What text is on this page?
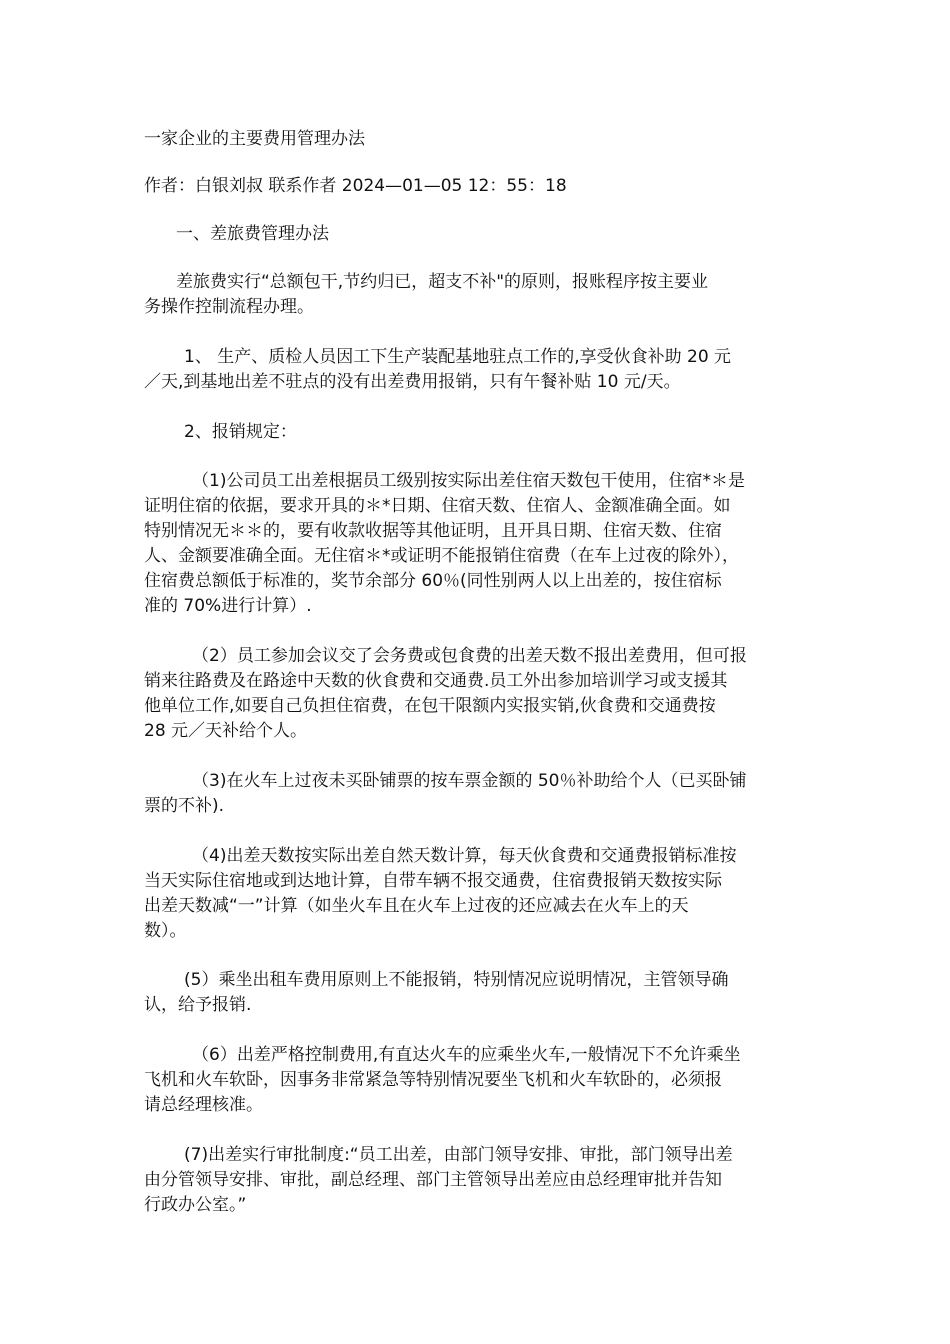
一家企业的主要费用管理办法

作者：白银刘叔 联系作者 2024—01—05 12：55：18

一、差旅费管理办法

差旅费实行“总额包干,节约归已，超支不补"的原则，报账程序按主要业

务操作控制流程办理。

1、 生产、质检人员因工下生产装配基地驻点工作的,享受伙食补助 20 元

／天,到基地出差不驻点的没有出差费用报销，只有午餐补贴 10 元/天。

2、报销规定：

（1)公司员工出差根据员工级别按实际出差住宿天数包干使用，住宿*＊是

证明住宿的依据，要求开具的＊*日期、住宿天数、住宿人、金额准确全面。如

特别情况无＊＊的，要有收款收据等其他证明，且开具日期、住宿天数、住宿

人、金额要准确全面。无住宿＊*或证明不能报销住宿费（在车上过夜的除外），

住宿费总额低于标准的，奖节余部分 60％(同性别两人以上出差的，按住宿标

准的 70%进行计算）.

（2）员工参加会议交了会务费或包食费的出差天数不报出差费用，但可报

销来往路费及在路途中天数的伙食费和交通费.员工外出参加培训学习或支援其

他单位工作,如要自己负担住宿费，在包干限额内实报实销,伙食费和交通费按

28 元／天补给个人。

（3)在火车上过夜未买卧铺票的按车票金额的 50％补助给个人（已买卧铺

票的不补).

（4)出差天数按实际出差自然天数计算，每天伙食费和交通费报销标准按

当天实际住宿地或到达地计算，自带车辆不报交通费，住宿费报销天数按实际

出差天数减“一”计算（如坐火车且在火车上过夜的还应减去在火车上的天

数）。

(5）乘坐出租车费用原则上不能报销，特别情况应说明情况，主管领导确

认，给予报销.

（6）出差严格控制费用,有直达火车的应乘坐火车,一般情况下不允许乘坐

飞机和火车软卧，因事务非常紧急等特别情况要坐飞机和火车软卧的，必须报

请总经理核准。

(7)出差实行审批制度:“员工出差，由部门领导安排、审批，部门领导出差

由分管领导安排、审批，副总经理、部门主管领导出差应由总经理审批并告知

行政办公室。”
